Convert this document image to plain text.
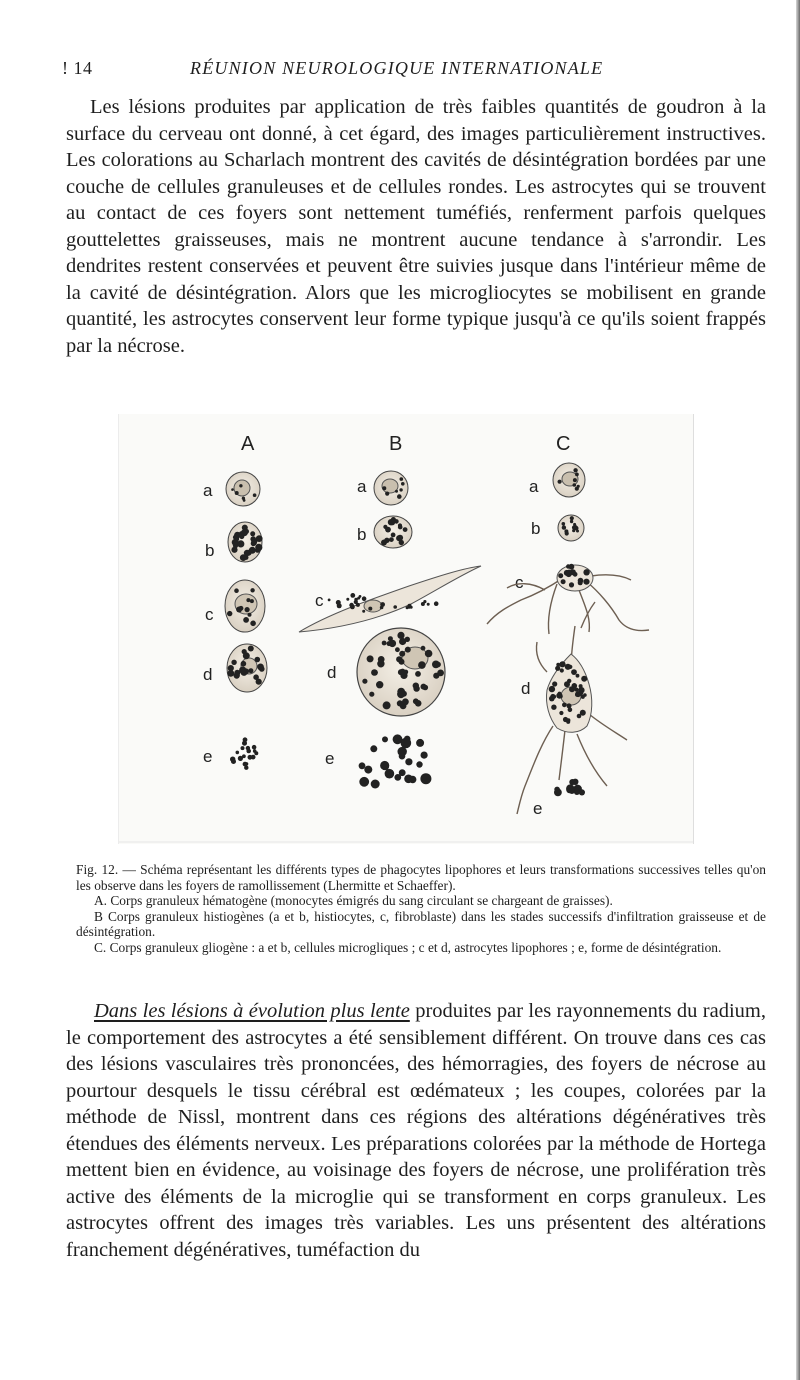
! 14	RÉUNION NEUROLOGIQUE INTERNATIONALE
Les lésions produites par application de très faibles quantités de goudron à la surface du cerveau ont donné, à cet égard, des images particulièrement instructives. Les colorations au Scharlach montrent des cavités de désintégration bordées par une couche de cellules granuleuses et de cellules rondes. Les astrocytes qui se trouvent au contact de ces foyers sont nettement tuméfiés, renferment parfois quelques gouttelettes graisseuses, mais ne montrent aucune tendance à s'arrondir. Les dendrites restent conservées et peuvent être suivies jusque dans l'intérieur même de la cavité de désintégration. Alors que les microgliocytes se mobilisent en grande quantité, les astrocytes conservent leur forme typique jusqu'à ce qu'ils soient frappés par la nécrose.
A	B	C
a
b
c
d
e
a
b
c
d
e
a
b
c
d
e

Fig. 12. — Schéma représentant les différents types de phagocytes lipophores et leurs transformations successives telles qu'on les observe dans les foyers de ramollissement (Lhermitte et Schaeffer).

A. Corps granuleux hématogène (monocytes émigrés du sang circulant se chargeant de graisses).

B Corps granuleux histiogènes (a et b, histiocytes, c, fibroblaste) dans les stades successifs d'infiltration graisseuse et de désintégration.

C. Corps granuleux gliogène : a et b, cellules microgliques ; c et d, astrocytes lipophores ; e, forme de désintégration.

Dans les lésions à évolution plus lente produites par les rayonnements du radium, le comportement des astrocytes a été sensiblement différent. On trouve dans ces cas des lésions vasculaires très prononcées, des hémorragies, des foyers de nécrose au pourtour desquels le tissu cérébral est œdémateux ; les coupes, colorées par la méthode de Nissl, montrent dans ces régions des altérations dégénératives très étendues des éléments nerveux. Les préparations colorées par la méthode de Hortega mettent bien en évidence, au voisinage des foyers de nécrose, une prolifération très active des éléments de la microglie qui se transforment en corps granuleux. Les astrocytes offrent des images très variables. Les uns présentent des altérations franchement dégénératives, tuméfaction du
